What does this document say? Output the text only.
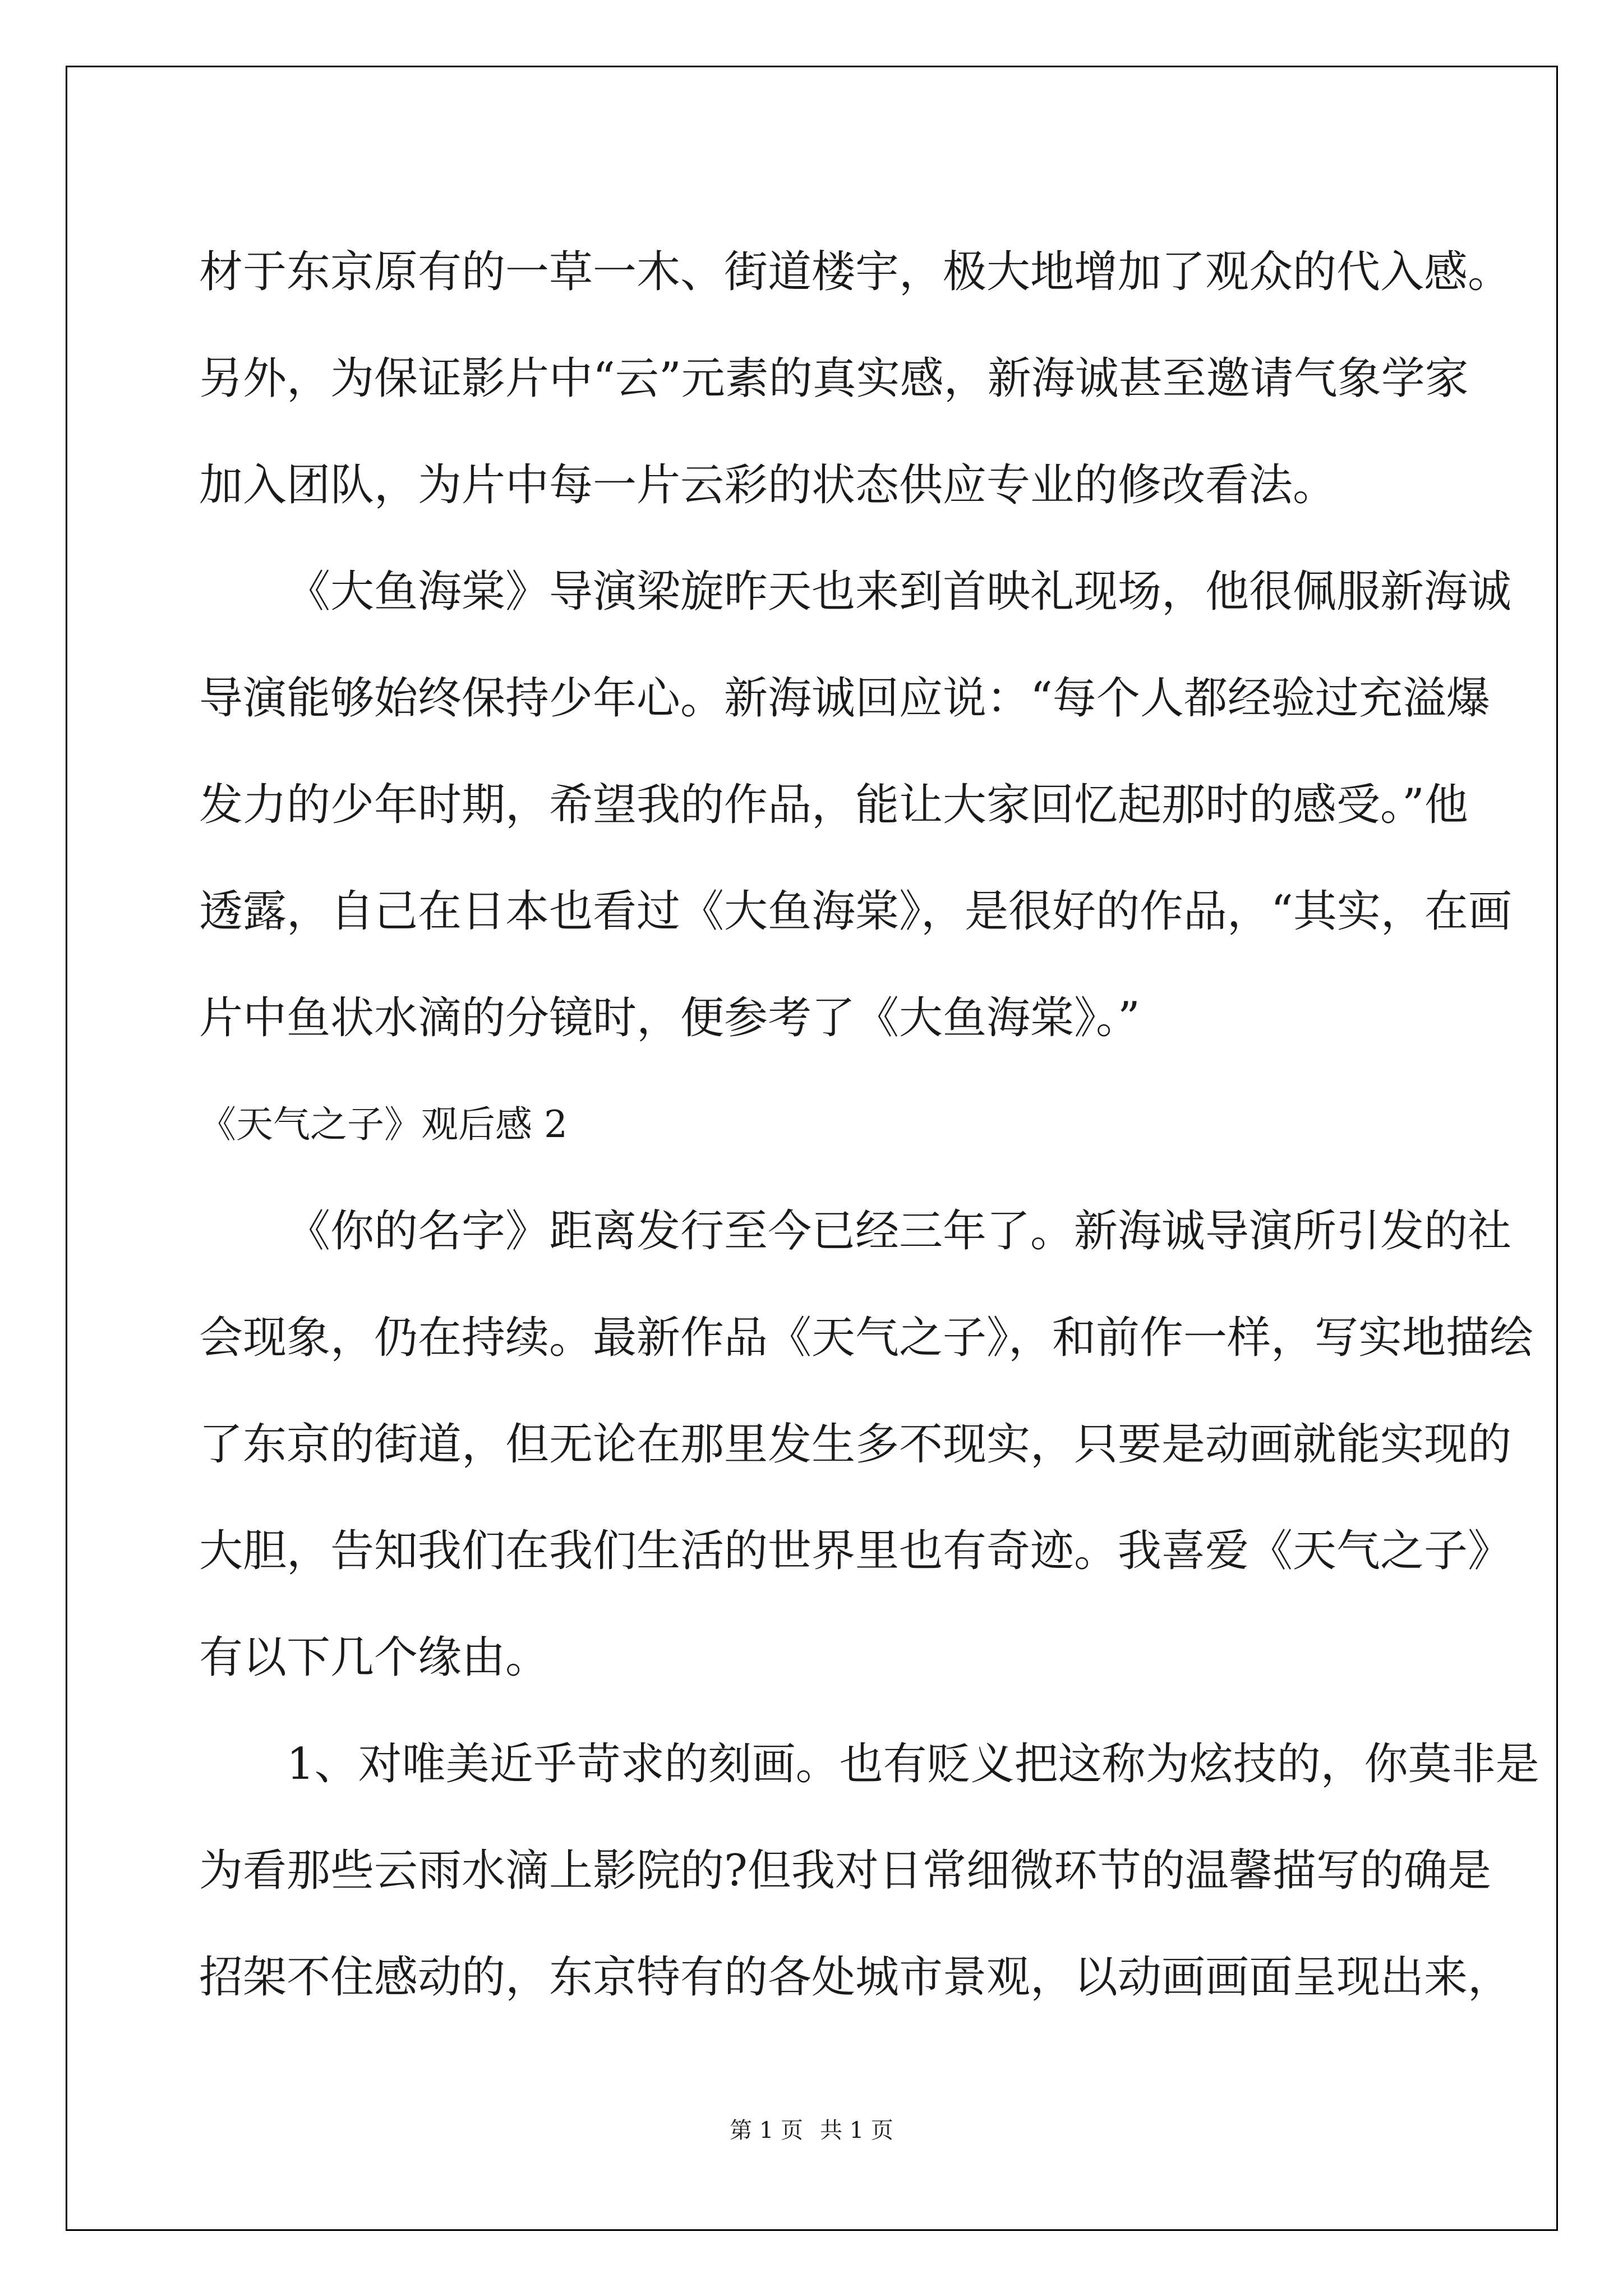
材于东京原有的一草一木、街道楼宇，极大地增加了观众的代入感。
另外，为保证影片中“云”元素的真实感，新海诚甚至邀请气象学家
加入团队，为片中每一片云彩的状态供应专业的修改看法。
《大鱼海棠》导演梁旋昨天也来到首映礼现场，他很佩服新海诚
导演能够始终保持少年心。新海诚回应说：“每个人都经验过充溢爆
发力的少年时期，希望我的作品，能让大家回忆起那时的感受。”他
透露，自己在日本也看过《大鱼海棠》，是很好的作品，“其实，在画
片中鱼状水滴的分镜时，便参考了《大鱼海棠》。”
《天气之子》观后感 2
《你的名字》距离发行至今已经三年了。新海诚导演所引发的社
会现象，仍在持续。最新作品《天气之子》，和前作一样，写实地描绘
了东京的街道，但无论在那里发生多不现实，只要是动画就能实现的
大胆，告知我们在我们生活的世界里也有奇迹。我喜爱《天气之子》
有以下几个缘由。
1、对唯美近乎苛求的刻画。也有贬义把这称为炫技的，你莫非是
为看那些云雨水滴上影院的?但我对日常细微环节的温馨描写的确是
招架不住感动的，东京特有的各处城市景观，以动画画面呈现出来，
第 1 页 共 1 页
